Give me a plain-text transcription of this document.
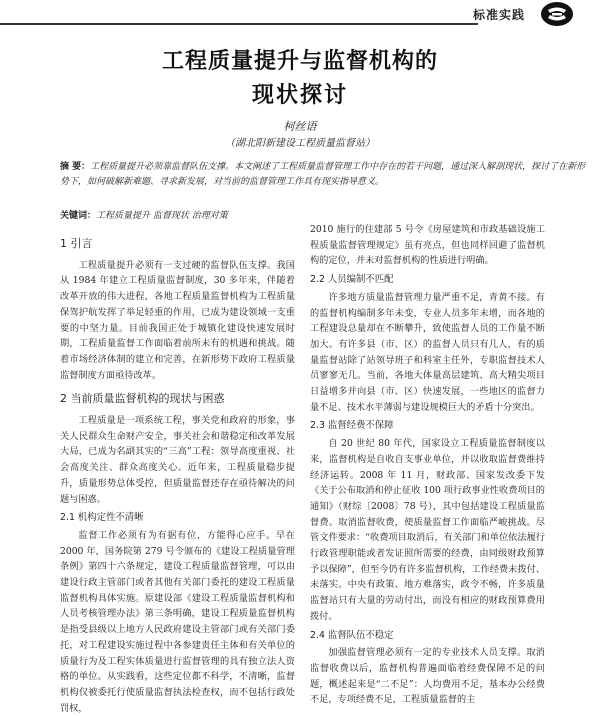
标准实践
工程质量提升与监督机构的
现状探讨
柯丝语
（湖北阳新建设工程质量监督站）
摘 要：工程质量提升必须靠监督队伍支撑。本文阐述了工程质量监督管理工作中存在的若干问题，通过深入解剖现状，探讨了在新形势下，如何破解新难题、寻求新发展，对当前的监督管理工作具有现实指导意义。
关键词：工程质量提升 监督现状 治理对策
1 引言

工程质量提升必须有一支过硬的监督队伍支撑。我国从 1984 年建立工程质量监督制度，30 多年来，伴随着改革开放的伟大进程，各地工程质量监督机构为工程质量保驾护航发挥了举足轻重的作用，已成为建设领域一支重要的中坚力量。目前我国正处于城镇化建设快速发展时期，工程质量监督工作面临着前所未有的机遇和挑战。随着市场经济体制的建立和完善，在新形势下政府工程质量监督制度方面亟待改革。

2 当前质量监督机构的现状与困惑

工程质量是一项系统工程，事关党和政府的形象，事关人民群众生命财产安全，事关社会和谐稳定和改革发展大局，已成为名副其实的“三高”工程：领导高度重视、社会高度关注、群众高度关心。近年来，工程质量稳步提升，质量形势总体受控，但质量监督还存在亟待解决的问题与困惑。

2.1 机构定性不清晰

监督工作必须有为有据有位，方能得心应手。早在 2000 年，国务院第 279 号令颁布的《建设工程质量管理条例》第四十六条规定，建设工程质量监督管理，可以由建设行政主管部门或者其他有关部门委托的建设工程质量监督机构具体实施。原建设部《建设工程质量监督机构和人员考核管理办法》第三条明确，建设工程质量监督机构是指受县级以上地方人民政府建设主管部门或有关部门委托，对工程建设实施过程中各参建责任主体和有关单位的质量行为及工程实体质量进行监督管理的具有独立法人资格的单位。从实践看，这些定位都不科学，不清晰，监督机构仅被委托行使质量监督执法检查权，而不包括行政处罚权，

2010 施行的住建部 5 号令《房屋建筑和市政基础设施工程质量监督管理规定》虽有亮点，但也同样回避了监督机构的定位，并未对监督机构的性质进行明确。

2.2 人员编制不匹配

许多地方质量监督管理力量严重不足，青黄不接。有的监督机构编制多年未变，专业人员多年未增，而各地的工程建设总量却在不断攀升，致使监督人员的工作量不断加大。有许多县（市、区）的监督人员只有几人，有的质量监督站除了站领导班子和科室主任外，专职监督技术人员寥寥无几。当前，各地大体量高层建筑、高大精尖项目日益增多并向县（市、区）快速发展，一些地区的监督力量不足、技术水平薄弱与建设规模巨大的矛盾十分突出。

2.3 监督经费不保障

自 20 世纪 80 年代，国家设立工程质量监督制度以来，监督机构是自收自支事业单位，并以收取监督费维持经济运转。2008 年 11 月，财政部、国家发改委下发《关于公布取消和停止征收 100 项行政事业性收费项目的通知》（财综〔2008〕78 号），其中包括建设工程质量监督费。取消监督收费，使质量监督工作面临严峻挑战。尽管文件要求：“收费项目取消后，有关部门和单位依法履行行政管理职能或者发证照所需要的经费，由同级财政预算予以保障”，但至今仍有许多监督机构，工作经费未拨付、未落实。中央有政策、地方难落实，政令不畅，许多质量监督站只有大量的劳动付出，而没有相应的财政预算费用拨付。

2.4 监督队伍不稳定

加强监督管理必须有一定的专业技术人员支撑。取消监督收费以后，监督机构普遍面临着经费保障不足的问题，概述起来是“二不足”：人均费用不足，基本办公经费不足，专项经费不足，工程质量监督的主
